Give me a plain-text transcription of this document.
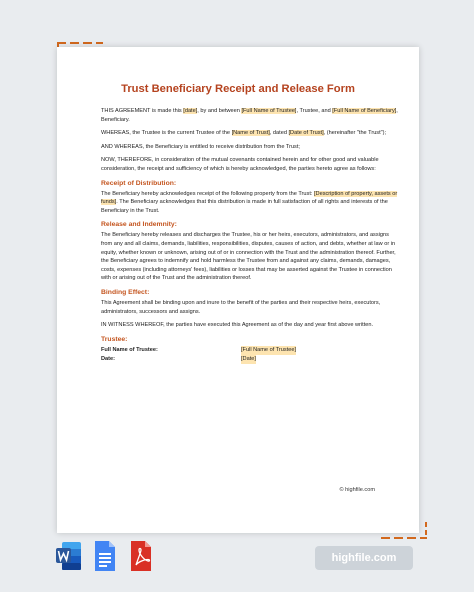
Trust Beneficiary Receipt and Release Form

THIS AGREEMENT is made this [date], by and between [Full Name of Trustee], Trustee, and [Full Name of Beneficiary], Beneficiary.

WHEREAS, the Trustee is the current Trustee of the [Name of Trust], dated [Date of Trust], (hereinafter "the Trust");

AND WHEREAS, the Beneficiary is entitled to receive distribution from the Trust;

NOW, THEREFORE, in consideration of the mutual covenants contained herein and for other good and valuable consideration, the receipt and sufficiency of which is hereby acknowledged, the parties hereto agree as follows:

Receipt of Distribution:

The Beneficiary hereby acknowledges receipt of the following property from the Trust: [Description of property, assets or funds]. The Beneficiary acknowledges that this distribution is made in full satisfaction of all rights and interests of the Beneficiary in the Trust.

Release and Indemnity:

The Beneficiary hereby releases and discharges the Trustee, his or her heirs, executors, administrators, and assigns from any and all claims, demands, liabilities, responsibilities, disputes, causes of action, and debts, whether at law or in equity, whether known or unknown, arising out of or in connection with the Trust and the administration thereof. Further, the Beneficiary agrees to indemnify and hold harmless the Trustee from and against any claims, demands, damages, costs, expenses (including attorneys' fees), liabilities or losses that may be asserted against the Trustee in connection with or arising out of the Trust and the administration thereof.

Binding Effect:

This Agreement shall be binding upon and inure to the benefit of the parties and their respective heirs, executors, administrators, successors and assigns.

IN WITNESS WHEREOF, the parties have executed this Agreement as of the day and year first above written.

Trustee:
Full Name of Trustee:	[Full Name of Trustee]
Date:	[Date]
© highfile.com
highfile.com
